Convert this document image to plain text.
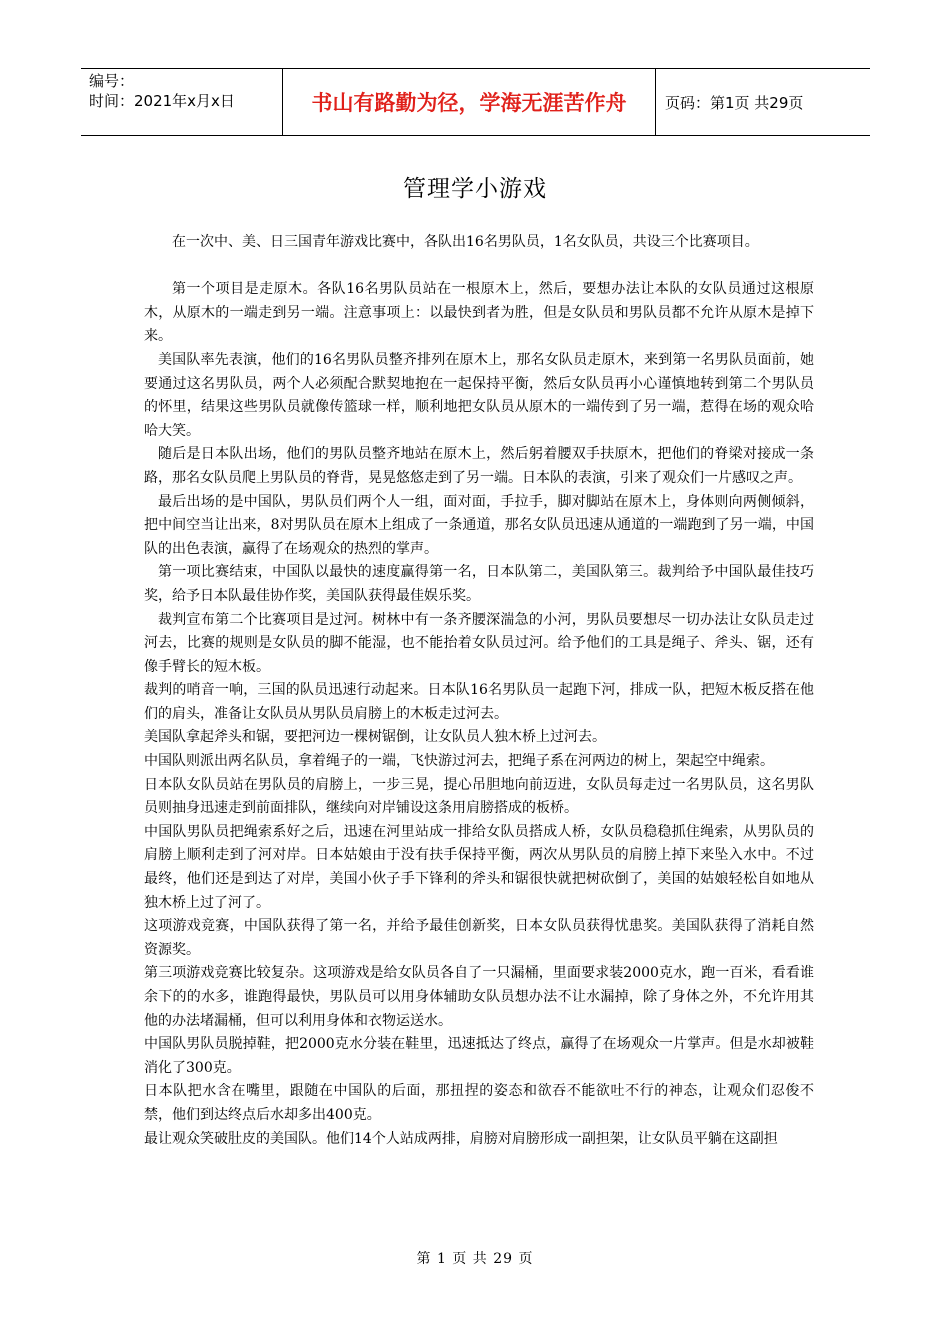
编号：
时间：2021年x月x日	书山有路勤为径，学海无涯苦作舟	页码：第1页 共29页
管理学小游戏

在一次中、美、日三国青年游戏比赛中，各队出16名男队员，1名女队员，共设三个比赛项目。

第一个项目是走原木。各队16名男队员站在一根原木上，然后，要想办法让本队的女队员通过这根原木，从原木的一端走到另一端。注意事项上：以最快到者为胜，但是女队员和男队员都不允许从原木是掉下来。

美国队率先表演，他们的16名男队员整齐排列在原木上，那名女队员走原木，来到第一名男队员面前，她要通过这名男队员，两个人必须配合默契地抱在一起保持平衡，然后女队员再小心谨慎地转到第二个男队员的怀里，结果这些男队员就像传篮球一样，顺利地把女队员从原木的一端传到了另一端，惹得在场的观众哈哈大笑。

随后是日本队出场，他们的男队员整齐地站在原木上，然后躬着腰双手扶原木，把他们的脊梁对接成一条路，那名女队员爬上男队员的脊背，晃晃悠悠走到了另一端。日本队的表演，引来了观众们一片感叹之声。

最后出场的是中国队，男队员们两个人一组，面对面，手拉手，脚对脚站在原木上，身体则向两侧倾斜，把中间空当让出来，8对男队员在原木上组成了一条通道，那名女队员迅速从通道的一端跑到了另一端，中国队的出色表演，赢得了在场观众的热烈的掌声。

第一项比赛结束，中国队以最快的速度赢得第一名，日本队第二，美国队第三。裁判给予中国队最佳技巧奖，给予日本队最佳协作奖，美国队获得最佳娱乐奖。

裁判宣布第二个比赛项目是过河。树林中有一条齐腰深湍急的小河，男队员要想尽一切办法让女队员走过河去，比赛的规则是女队员的脚不能湿，也不能抬着女队员过河。给予他们的工具是绳子、斧头、锯，还有像手臂长的短木板。

裁判的哨音一响，三国的队员迅速行动起来。日本队16名男队员一起跑下河，排成一队，把短木板反搭在他们的肩头，准备让女队员从男队员肩膀上的木板走过河去。

美国队拿起斧头和锯，要把河边一棵树锯倒，让女队员人独木桥上过河去。

中国队则派出两名队员，拿着绳子的一端，飞快游过河去，把绳子系在河两边的树上，架起空中绳索。

日本队女队员站在男队员的肩膀上，一步三晃，提心吊胆地向前迈进，女队员每走过一名男队员，这名男队员则抽身迅速走到前面排队，继续向对岸铺设这条用肩膀搭成的板桥。

中国队男队员把绳索系好之后，迅速在河里站成一排给女队员搭成人桥，女队员稳稳抓住绳索，从男队员的肩膀上顺利走到了河对岸。日本姑娘由于没有扶手保持平衡，两次从男队员的肩膀上掉下来坠入水中。不过最终，他们还是到达了对岸，美国小伙子手下锋利的斧头和锯很快就把树砍倒了，美国的姑娘轻松自如地从独木桥上过了河了。

这项游戏竞赛，中国队获得了第一名，并给予最佳创新奖，日本女队员获得忧患奖。美国队获得了消耗自然资源奖。

第三项游戏竞赛比较复杂。这项游戏是给女队员各自了一只漏桶，里面要求装2000克水，跑一百米，看看谁余下的的水多，谁跑得最快，男队员可以用身体辅助女队员想办法不让水漏掉，除了身体之外，不允许用其他的办法堵漏桶，但可以利用身体和衣物运送水。

中国队男队员脱掉鞋，把2000克水分装在鞋里，迅速抵达了终点，赢得了在场观众一片掌声。但是水却被鞋消化了300克。

日本队把水含在嘴里，跟随在中国队的后面，那扭捏的姿态和欲吞不能欲吐不行的神态，让观众们忍俊不禁，他们到达终点后水却多出400克。

最让观众笑破肚皮的美国队。他们14个人站成两排，肩膀对肩膀形成一副担架，让女队员平躺在这副担

第 1 页 共 29 页
